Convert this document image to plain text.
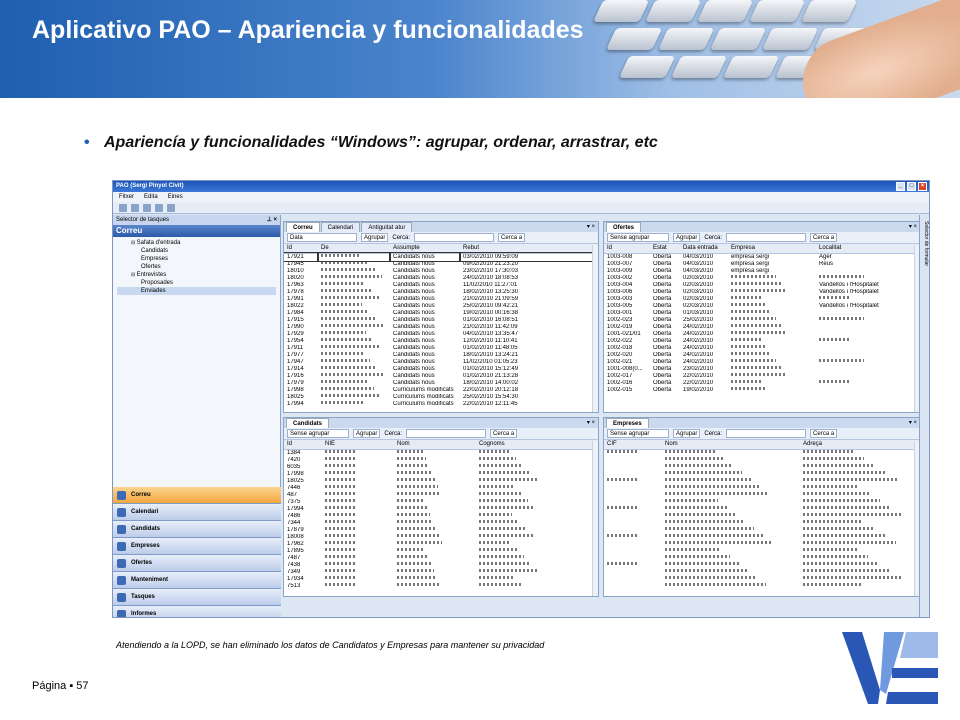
Aplicativo PAO – Apariencia y funcionalidades
• Apariencía y funcionalidades “Windows”: agrupar, ordenar, arrastrar, etc
PAO (Sergi Pinyol Civit)	_	□	×
Fitxer Edita Eines
Selector de tasques	⊥ ×
Correu
⊟ Safata d'entrada
Candidats
Empreses
Ofertes
⊟ Entrevistes
Proposades
Enviades
Correu
Calendari
Candidats
Empreses
Ofertes
Manteniment
Tasques
Informes
Correu	Calendari	Antiguitat atur	▾ ×
Data	Agrupar	Cerca:	Cerca a
Id	De	Assumpte	Rebut
17921		Candidats nous	03/02/2010 09:59:09
17945		Candidats nous	09/02/2010 21:23:20
18010		Candidats nous	23/02/2010 17:30:03
18020		Candidats nous	24/02/2010 18:08:53
17963		Candidats nous	11/02/2010 11:27:01
17978		Candidats nous	18/02/2010 13:25:30
17991		Candidats nous	21/02/2010 21:09:59
18022		Candidats nous	25/02/2010 09:42:21
17984		Candidats nous	19/02/2010 00:16:38
17915		Candidats nous	01/02/2010 16:08:51
17990		Candidats nous	21/02/2010 11:42:09
17929		Candidats nous	04/02/2010 13:35:47
17954		Candidats nous	12/02/2010 11:10:41
17911		Candidats nous	01/02/2010 11:48:05
17977		Candidats nous	18/02/2010 13:24:21
17947		Candidats nous	11/02/2010 01:05:23
17914		Candidats nous	01/02/2010 15:12:49
17916		Candidats nous	01/02/2010 21:13:28
17979		Candidats nous	18/02/2010 14:00:02
17998		Curriculums modificats	22/02/2010 20:12:18
18025		Curriculums modificats	25/02/2010 15:54:30
17994		Curriculums modificats	22/02/2010 12:11:45
Ofertes	▾ ×
Sense agrupar	Agrupar	Cerca:	Cerca a
Id	Estat	Data entrada	Empresa	Localitat
1003-008	Oberta	04/03/2010	empresa sergi	Àger
1003-007	Oberta	04/03/2010	empresa sergi	Reus
1003-009	Oberta	04/03/2010	empresa sergi	
1003-002	Oberta	02/03/2010		
1003-004	Oberta	02/03/2010		Vandellòs i l'Hospitalet
1003-006	Oberta	02/03/2010		Vandellòs i l'Hospitalet
1003-003	Oberta	02/03/2010		
1003-005	Oberta	02/03/2010		Vandellòs i l'Hospitalet
1003-001	Oberta	01/03/2010		
1002-023	Oberta	25/02/2010		
1002-019	Oberta	24/02/2010		
1001-021/01	Oberta	24/02/2010		
1002-022	Oberta	24/02/2010		
1002-018	Oberta	24/02/2010		
1002-020	Oberta	24/02/2010		
1002-021	Oberta	24/02/2010		
1001-008(0...	Oberta	23/02/2010		
1002-017	Oberta	22/02/2010		
1002-016	Oberta	22/02/2010		
1002-015	Oberta	19/02/2010		
Candidats	▾ ×
Sense agrupar	Agrupar	Cerca:	Cerca a
Id	NIE	Nom	Cognoms
1384			
7420			
6035			
17998			
18025			
7446			
487			
7375			
17994			
7486			
7344			
17879			
18008			
17962			
17895			
7487			
7438			
7349			
17934			
7513			
Empreses	▾ ×
Sense agrupar	Agrupar	Cerca:	Cerca a
CIF	Nom	Adreça

Selector de formular
Atendiendo a la LOPD, se han eliminado los datos de Candidatos y Empresas para mantener su privacidad
Página ▪ 57
